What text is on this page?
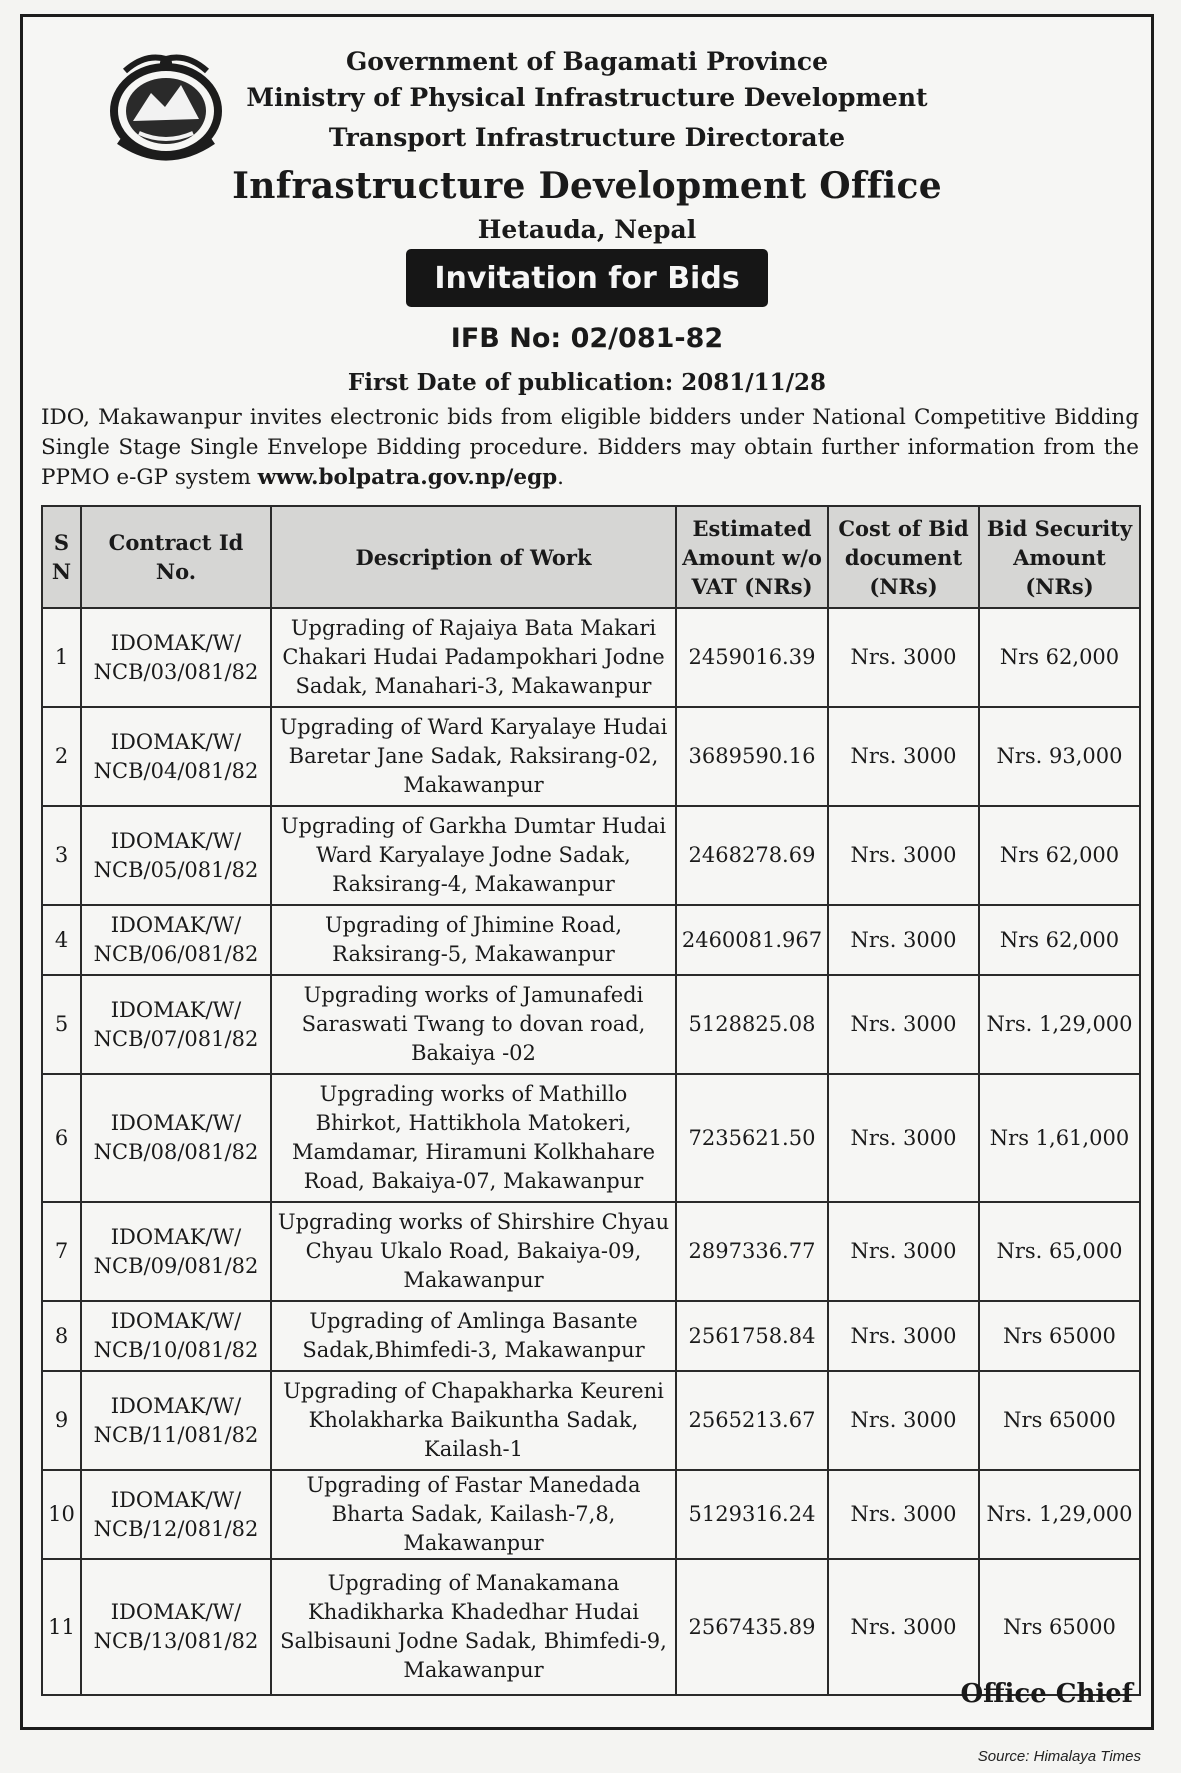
Government of Bagamati Province
Ministry of Physical Infrastructure Development
Transport Infrastructure Directorate
Infrastructure Development Office
Hetauda, Nepal
Invitation for Bids
IFB No: 02/081-82
First Date of publication: 2081/11/28
IDO, Makawanpur invites electronic bids from eligible bidders under National Competitive Bidding Single Stage Single Envelope Bidding procedure. Bidders may obtain further information from the PPMO e-GP system www.bolpatra.gov.np/egp.
S N	Contract Id No.	Description of Work	Estimated Amount w/o VAT (NRs)	Cost of Bid document (NRs)	Bid Security Amount (NRs)
1	IDOMAK/W/ NCB/03/081/82	Upgrading of Rajaiya Bata Makari Chakari Hudai Padampokhari Jodne Sadak, Manahari-3, Makawanpur	2459016.39	Nrs. 3000	Nrs 62,000
2	IDOMAK/W/ NCB/04/081/82	Upgrading of Ward Karyalaye Hudai Baretar Jane Sadak, Raksirang-02, Makawanpur	3689590.16	Nrs. 3000	Nrs. 93,000
3	IDOMAK/W/ NCB/05/081/82	Upgrading of Garkha Dumtar Hudai Ward Karyalaye Jodne Sadak, Raksirang-4, Makawanpur	2468278.69	Nrs. 3000	Nrs 62,000
4	IDOMAK/W/ NCB/06/081/82	Upgrading of Jhimine Road, Raksirang-5, Makawanpur	2460081.967	Nrs. 3000	Nrs 62,000
5	IDOMAK/W/ NCB/07/081/82	Upgrading works of Jamunafedi Saraswati Twang to dovan road, Bakaiya -02	5128825.08	Nrs. 3000	Nrs. 1,29,000
6	IDOMAK/W/ NCB/08/081/82	Upgrading works of Mathillo Bhirkot, Hattikhola Matokeri, Mamdamar, Hiramuni Kolkhahare Road, Bakaiya-07, Makawanpur	7235621.50	Nrs. 3000	Nrs 1,61,000
7	IDOMAK/W/ NCB/09/081/82	Upgrading works of Shirshire Chyau Chyau Ukalo Road, Bakaiya-09, Makawanpur	2897336.77	Nrs. 3000	Nrs. 65,000
8	IDOMAK/W/ NCB/10/081/82	Upgrading of Amlinga Basante Sadak,Bhimfedi-3, Makawanpur	2561758.84	Nrs. 3000	Nrs 65000
9	IDOMAK/W/ NCB/11/081/82	Upgrading of Chapakharka Keureni Kholakharka Baikuntha Sadak, Kailash-1	2565213.67	Nrs. 3000	Nrs 65000
10	IDOMAK/W/ NCB/12/081/82	Upgrading of Fastar Manedada Bharta Sadak, Kailash-7,8, Makawanpur	5129316.24	Nrs. 3000	Nrs. 1,29,000
11	IDOMAK/W/ NCB/13/081/82	Upgrading of Manakamana Khadikharka Khadedhar Hudai Salbisauni Jodne Sadak, Bhimfedi-9, Makawanpur	2567435.89	Nrs. 3000	Nrs 65000
Office Chief
Source: Himalaya Times
